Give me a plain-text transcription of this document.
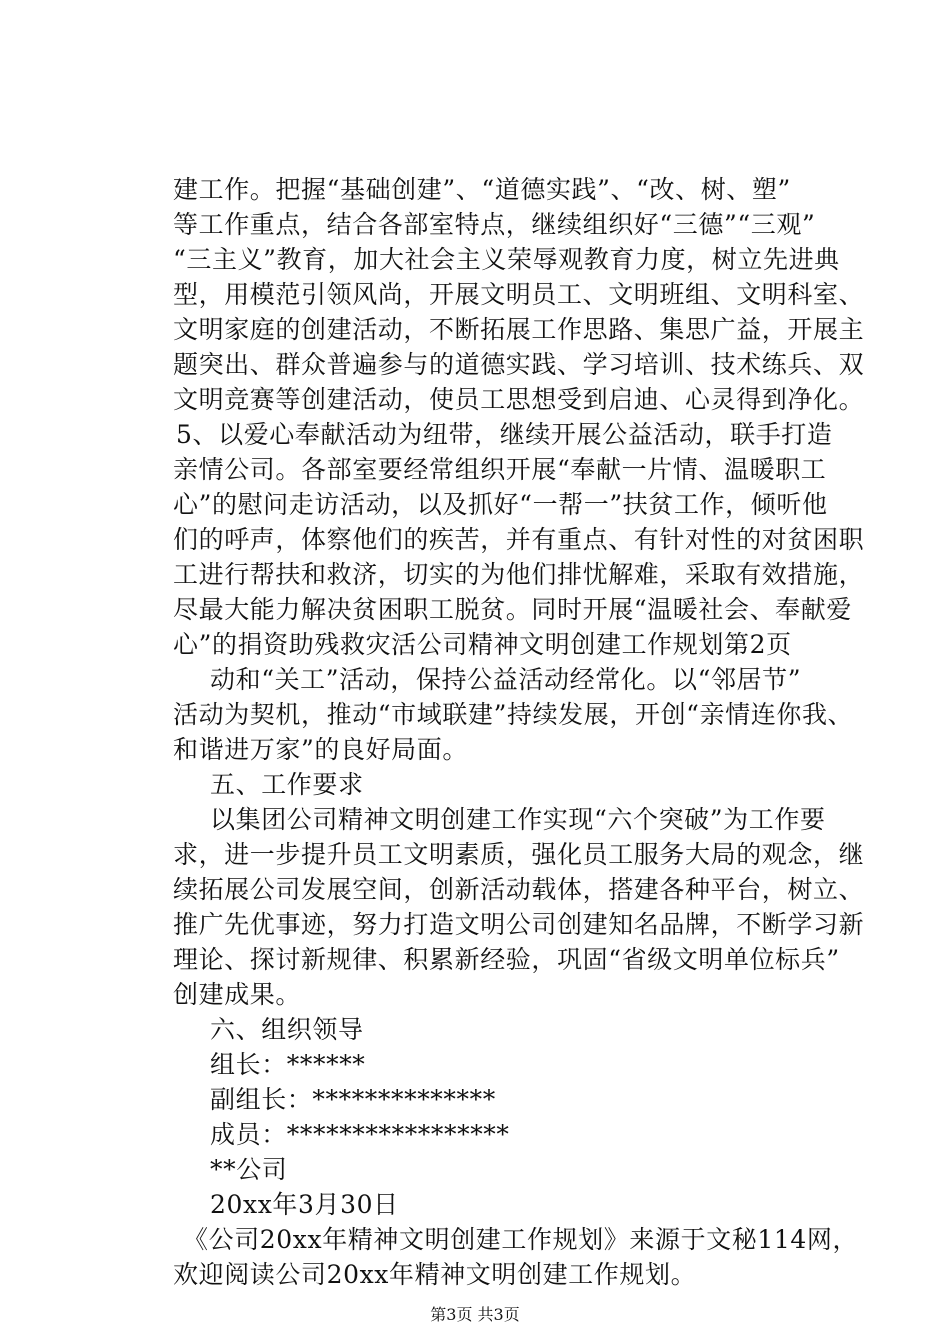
建工作。把握“基础创建”、“道德实践”、“改、树、塑”
等工作重点，结合各部室特点，继续组织好“三德”“三观”
“三主义”教育，加大社会主义荣辱观教育力度，树立先进典
型，用模范引领风尚，开展文明员工、文明班组、文明科室、
文明家庭的创建活动，不断拓展工作思路、集思广益，开展主
题突出、群众普遍参与的道德实践、学习培训、技术练兵、双
文明竞赛等创建活动，使员工思想受到启迪、心灵得到净化。
5、以爱心奉献活动为纽带，继续开展公益活动，联手打造
亲情公司。各部室要经常组织开展“奉献一片情、温暖职工
心”的慰问走访活动，以及抓好“一帮一”扶贫工作，倾听他
们的呼声，体察他们的疾苦，并有重点、有针对性的对贫困职
工进行帮扶和救济，切实的为他们排忧解难，采取有效措施，
尽最大能力解决贫困职工脱贫。同时开展“温暖社会、奉献爱
心”的捐资助残救灾活公司精神文明创建工作规划第2页
动和“关工”活动，保持公益活动经常化。以“邻居节”
活动为契机，推动“市域联建”持续发展，开创“亲情连你我、
和谐进万家”的良好局面。
五、工作要求
以集团公司精神文明创建工作实现“六个突破”为工作要
求，进一步提升员工文明素质，强化员工服务大局的观念，继
续拓展公司发展空间，创新活动载体，搭建各种平台，树立、
推广先优事迹，努力打造文明公司创建知名品牌，不断学习新
理论、探讨新规律、积累新经验，巩固“省级文明单位标兵”
创建成果。
六、组织领导
组长：******
副组长：**************
成员：*****************
**公司
20xx年3月30日
《公司20xx年精神文明创建工作规划》来源于文秘114网，
欢迎阅读公司20xx年精神文明创建工作规划。
第3页 共3页
